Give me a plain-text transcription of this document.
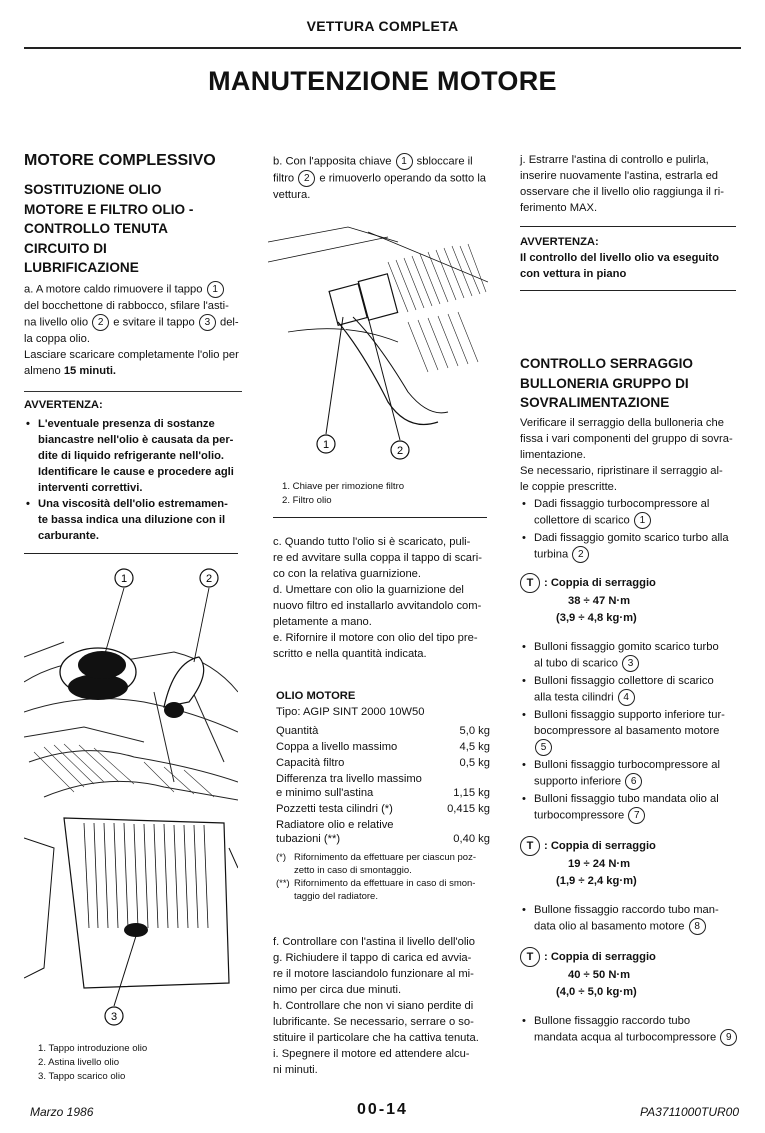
VETTURA COMPLETA
MANUTENZIONE MOTORE
MOTORE COMPLESSIVO
SOSTITUZIONE OLIO
MOTORE E FILTRO OLIO -
CONTROLLO TENUTA
CIRCUITO DI
LUBRIFICAZIONE
a. A motore caldo rimuovere il tappo 1
del bocchettone di rabbocco, sfilare l'asti-
na livello olio 2 e svitare il tappo 3 del-
la coppa olio.
Lasciare scaricare completamente l'olio per
almeno 15 minuti.
AVVERTENZA:
• L'eventuale presenza di sostanze
biancastre nell'olio è causata da per-
dite di liquido refrigerante nell'olio.
Identificare le cause e procedere agli
interventi correttivi.
• Una viscosità dell'olio estremamen-
te bassa indica una diluzione con il
carburante.
1	2
3
1. Tappo introduzione olio
2. Astina livello olio
3. Tappo scarico olio
b. Con l'apposita chiave 1 sbloccare il
filtro 2 e rimuoverlo operando da sotto la
vettura.
1	2
1. Chiave per rimozione filtro
2. Filtro olio
c. Quando tutto l'olio si è scaricato, puli-
re ed avvitare sulla coppa il tappo di scari-
co con la relativa guarnizione.
d. Umettare con olio la guarnizione del
nuovo filtro ed installarlo avvitandolo com-
pletamente a mano.
e. Rifornire il motore con olio del tipo pre-
scritto e nella quantità indicata.
OLIO MOTORE
Tipo: AGIP SINT 2000 10W50
Quantità	5,0 kg

Coppa a livello massimo	4,5 kg

Capacità filtro	0,5 kg

Differenza tra livello massimo
e minimo sull'astina	1,15 kg

Pozzetti testa cilindri (*)	0,415 kg

Radiatore olio e relative
tubazioni (**)	0,40 kg
(*) Rifornimento da effettuare per ciascun poz-
zetto in caso di smontaggio.
(**) Rifornimento da effettuare in caso di smon-
taggio del radiatore.
f. Controllare con l'astina il livello dell'olio
g. Richiudere il tappo di carica ed avvia-
re il motore lasciandolo funzionare al mi-
nimo per circa due minuti.
h. Controllare che non vi siano perdite di
lubrificante. Se necessario, serrare o so-
stituire il particolare che ha cattiva tenuta.
i. Spegnere il motore ed attendere alcu-
ni minuti.
j. Estrarre l'astina di controllo e pulirla,
inserire nuovamente l'astina, estrarla ed
osservare che il livello olio raggiunga il ri-
ferimento MAX.
AVVERTENZA:
Il controllo del livello olio va eseguito
con vettura in piano
CONTROLLO SERRAGGIO
BULLONERIA GRUPPO DI
SOVRALIMENTAZIONE
Verificare il serraggio della bulloneria che
fissa i vari componenti del gruppo di sovra-
limentazione.
Se necessario, ripristinare il serraggio al-
le coppie prescritte.
• Dadi fissaggio turbocompressore al
collettore di scarico 1
• Dadi fissaggio gomito scarico turbo alla
turbina 2
T : Coppia di serraggio
38 ÷ 47 N·m
(3,9 ÷ 4,8 kg·m)
• Bulloni fissaggio gomito scarico turbo
al tubo di scarico 3
• Bulloni fissaggio collettore di scarico
alla testa cilindri 4
• Bulloni fissaggio supporto inferiore tur-
bocompressore al basamento motore 5
• Bulloni fissaggio turbocompressore al
supporto inferiore 6
• Bulloni fissaggio tubo mandata olio al
turbocompressore 7
T : Coppia di serraggio
19 ÷ 24 N·m
(1,9 ÷ 2,4 kg·m)
• Bullone fissaggio raccordo tubo man-
data olio al basamento motore 8
T : Coppia di serraggio
40 ÷ 50 N·m
(4,0 ÷ 5,0 kg·m)
• Bullone fissaggio raccordo tubo
mandata acqua al turbocompressore 9
Marzo 1986	00-14	PA3711000TUR00
